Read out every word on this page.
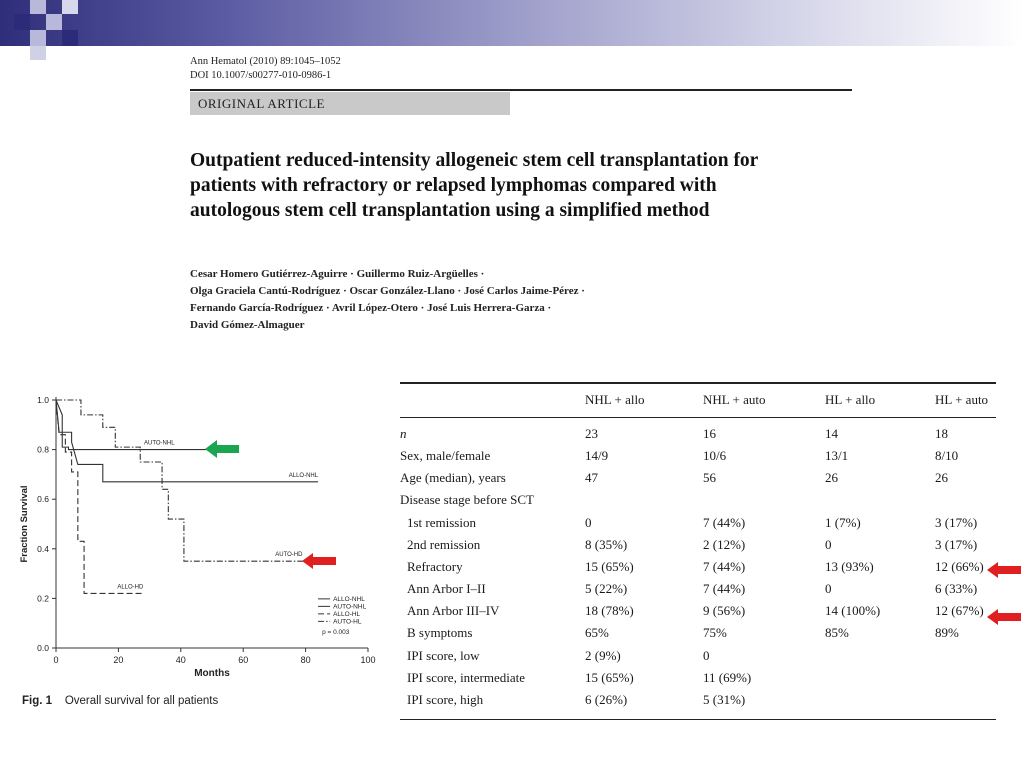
Ann Hematol (2010) 89:1045–1052
DOI 10.1007/s00277-010-0986-1
ORIGINAL ARTICLE
Outpatient reduced-intensity allogeneic stem cell transplantation for patients with refractory or relapsed lymphomas compared with autologous stem cell transplantation using a simplified method
Cesar Homero Gutiérrez-Aguirre · Guillermo Ruiz-Argüelles ·
Olga Graciela Cantú-Rodríguez · Oscar González-Llano · José Carlos Jaime-Pérez ·
Fernando García-Rodríguez · Avril López-Otero · José Luis Herrera-Garza ·
David Gómez-Almaguer
0	20	40	60	80	100
0.0
0.2
0.4
0.6
0.8
1.0
Months
Fraction Survival
ALLO-NHL
AUTO-NHL
ALLO-HD
AUTO-HD
ALLO-NHL
AUTO-NHL
ALLO-HL
AUTO-HL
p = 0.003
Fig. 1 Overall survival for all patients
NHL + allo	NHL + auto	HL + allo	HL + auto
n	23	16	14	18
Sex, male/female	14/9	10/6	13/1	8/10
Age (median), years	47	56	26	26
Disease stage before SCT
1st remission	0	7 (44%)	1 (7%)	3 (17%)
2nd remission	8 (35%)	2 (12%)	0	3 (17%)
Refractory	15 (65%)	7 (44%)	13 (93%)	12 (66%)
Ann Arbor I–II	5 (22%)	7 (44%)	0	6 (33%)
Ann Arbor III–IV	18 (78%)	9 (56%)	14 (100%)	12 (67%)
B symptoms	65%	75%	85%	89%
IPI score, low	2 (9%)	0
IPI score, intermediate	15 (65%)	11 (69%)
IPI score, high	6 (26%)	5 (31%)
